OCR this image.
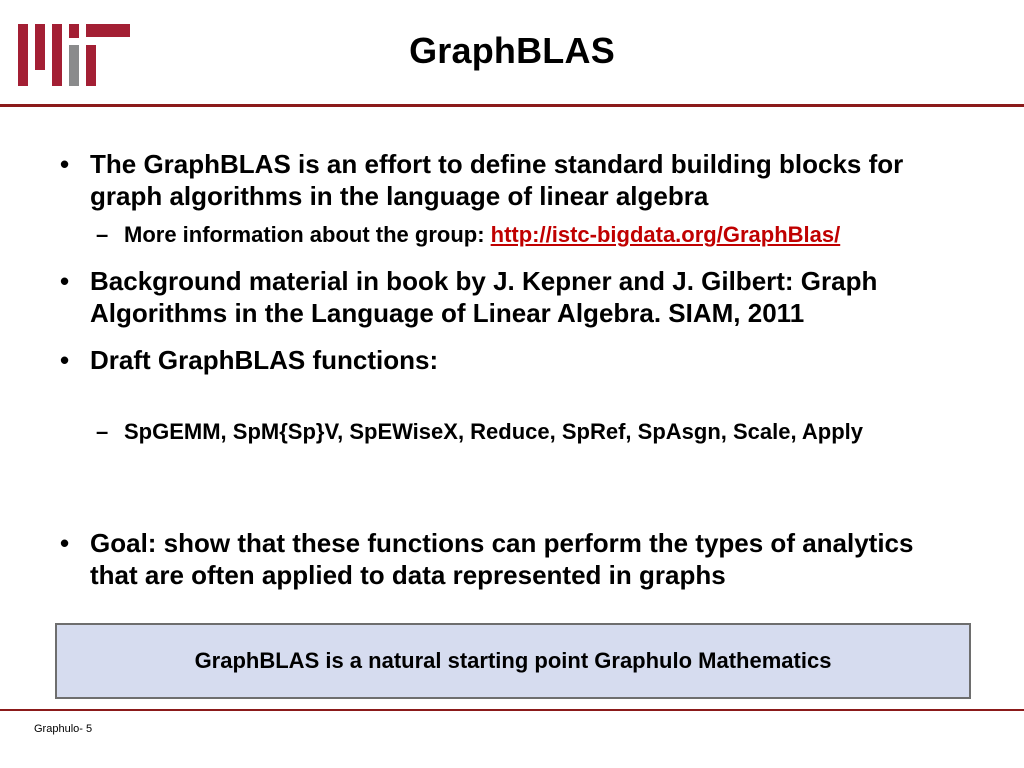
GraphBLAS
• The GraphBLAS is an effort to define standard building blocks for graph algorithms in the language of linear algebra
– More information about the group: http://istc-bigdata.org/GraphBlas/
• Background material in book by J. Kepner and J. Gilbert: Graph Algorithms in the Language of Linear Algebra. SIAM, 2011
• Draft GraphBLAS functions:
– SpGEMM, SpM{Sp}V, SpEWiseX, Reduce, SpRef, SpAsgn, Scale, Apply
• Goal: show that these functions can perform the types of analytics that are often applied to data represented in graphs
GraphBLAS is a natural starting point Graphulo Mathematics
Graphulo- 5
